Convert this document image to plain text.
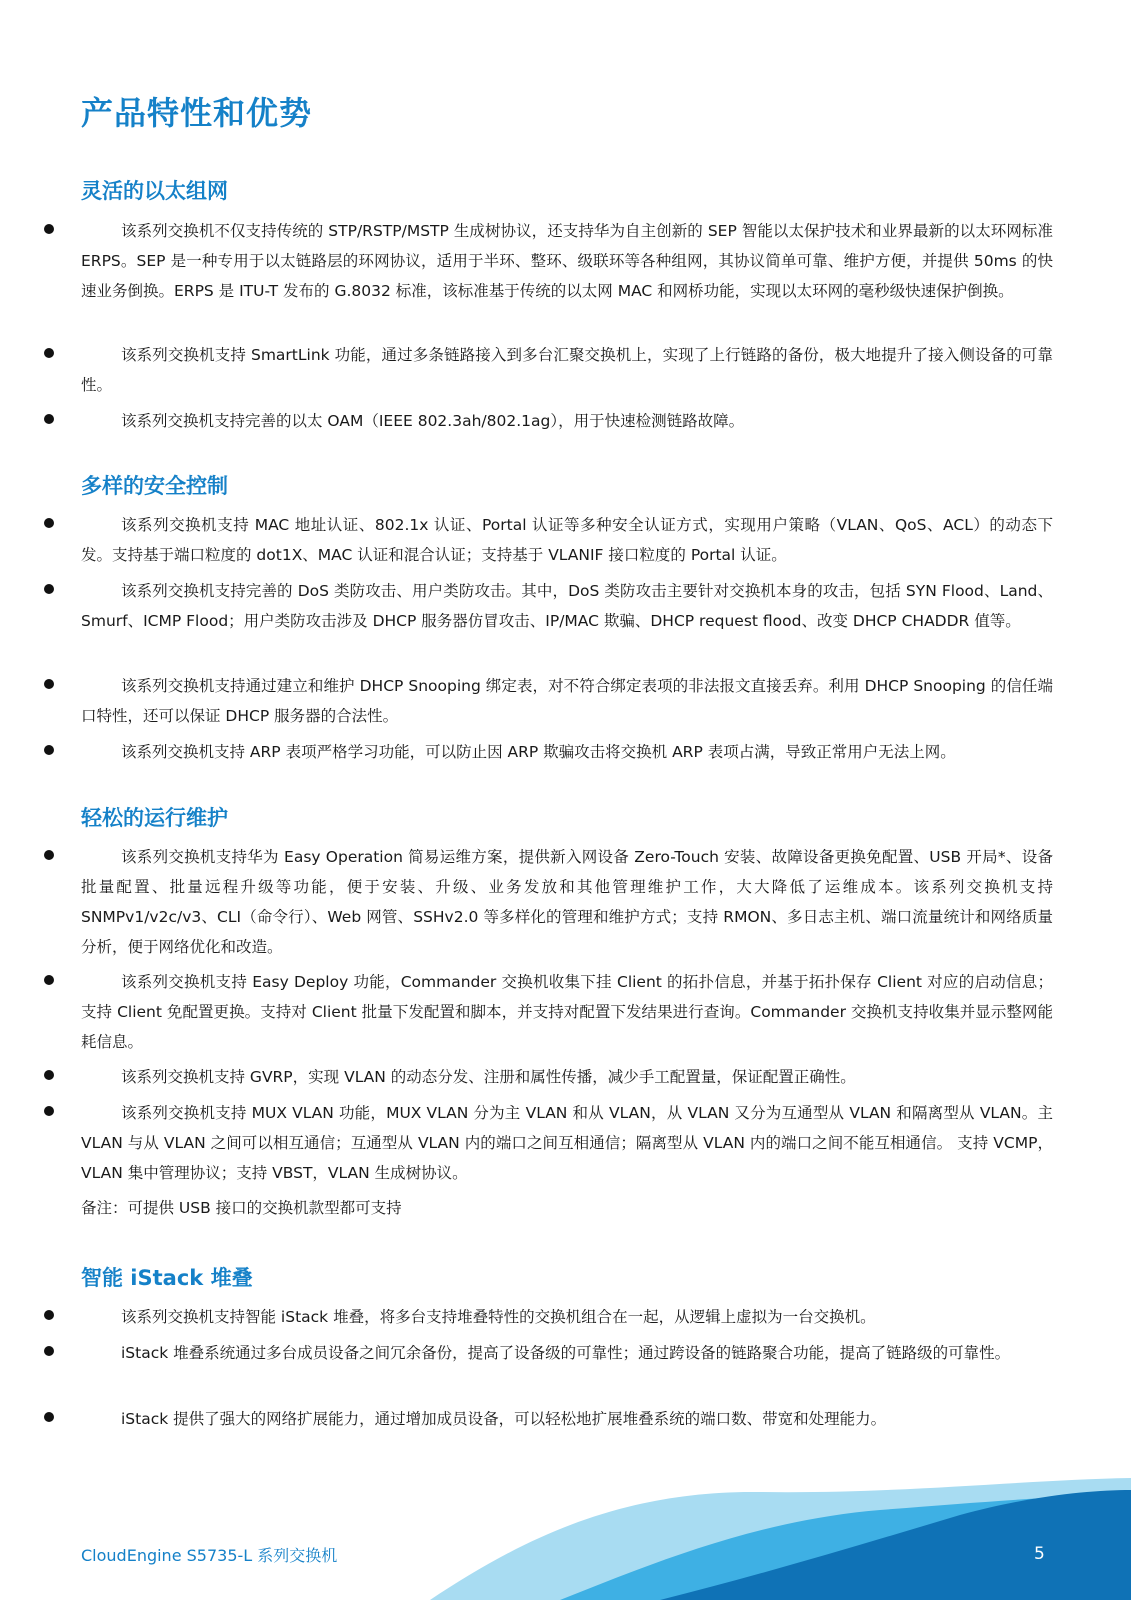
产品特性和优势
灵活的以太组网
该系列交换机不仅支持传统的 STP/RSTP/MSTP 生成树协议，还支持华为自主创新的 SEP 智能以太保护技术和业界最新的以太环网标准 ERPS。SEP 是一种专用于以太链路层的环网协议，适用于半环、整环、级联环等各种组网，其协议简单可靠、维护方便，并提供 50ms 的快速业务倒换。ERPS 是 ITU-T 发布的 G.8032 标准，该标准基于传统的以太网 MAC 和网桥功能，实现以太环网的毫秒级快速保护倒换。
该系列交换机支持 SmartLink 功能，通过多条链路接入到多台汇聚交换机上，实现了上行链路的备份，极大地提升了接入侧设备的可靠性。
该系列交换机支持完善的以太 OAM（IEEE 802.3ah/802.1ag），用于快速检测链路故障。
多样的安全控制
该系列交换机支持 MAC 地址认证、802.1x 认证、Portal 认证等多种安全认证方式，实现用户策略（VLAN、QoS、ACL）的动态下发。支持基于端口粒度的 dot1X、MAC 认证和混合认证；支持基于 VLANIF 接口粒度的 Portal 认证。
该系列交换机支持完善的 DoS 类防攻击、用户类防攻击。其中，DoS 类防攻击主要针对交换机本身的攻击，包括 SYN Flood、Land、Smurf、ICMP Flood；用户类防攻击涉及 DHCP 服务器仿冒攻击、IP/MAC 欺骗、DHCP request flood、改变 DHCP CHADDR 值等。
该系列交换机支持通过建立和维护 DHCP Snooping 绑定表，对不符合绑定表项的非法报文直接丢弃。利用 DHCP Snooping 的信任端口特性，还可以保证 DHCP 服务器的合法性。
该系列交换机支持 ARP 表项严格学习功能，可以防止因 ARP 欺骗攻击将交换机 ARP 表项占满，导致正常用户无法上网。
轻松的运行维护
该系列交换机支持华为 Easy Operation 简易运维方案，提供新入网设备 Zero-Touch 安装、故障设备更换免配置、USB 开局*、设备批量配置、批量远程升级等功能，便于安装、升级、业务发放和其他管理维护工作，大大降低了运维成本。该系列交换机支持 SNMPv1/v2c/v3、CLI（命令行）、Web 网管、SSHv2.0 等多样化的管理和维护方式；支持 RMON、多日志主机、端口流量统计和网络质量分析，便于网络优化和改造。
该系列交换机支持 Easy Deploy 功能，Commander 交换机收集下挂 Client 的拓扑信息，并基于拓扑保存 Client 对应的启动信息；支持 Client 免配置更换。支持对 Client 批量下发配置和脚本，并支持对配置下发结果进行查询。Commander 交换机支持收集并显示整网能耗信息。
该系列交换机支持 GVRP，实现 VLAN 的动态分发、注册和属性传播，减少手工配置量，保证配置正确性。
该系列交换机支持 MUX VLAN 功能，MUX VLAN 分为主 VLAN 和从 VLAN，从 VLAN 又分为互通型从 VLAN 和隔离型从 VLAN。主 VLAN 与从 VLAN 之间可以相互通信；互通型从 VLAN 内的端口之间互相通信；隔离型从 VLAN 内的端口之间不能互相通信。 支持 VCMP，VLAN 集中管理协议；支持 VBST，VLAN 生成树协议。

备注：可提供 USB 接口的交换机款型都可支持

智能 iStack 堆叠
该系列交换机支持智能 iStack 堆叠，将多台支持堆叠特性的交换机组合在一起，从逻辑上虚拟为一台交换机。
iStack 堆叠系统通过多台成员设备之间冗余备份，提高了设备级的可靠性；通过跨设备的链路聚合功能，提高了链路级的可靠性。
iStack 提供了强大的网络扩展能力，通过增加成员设备，可以轻松地扩展堆叠系统的端口数、带宽和处理能力。

CloudEngine S5735-L 系列交换机	5
